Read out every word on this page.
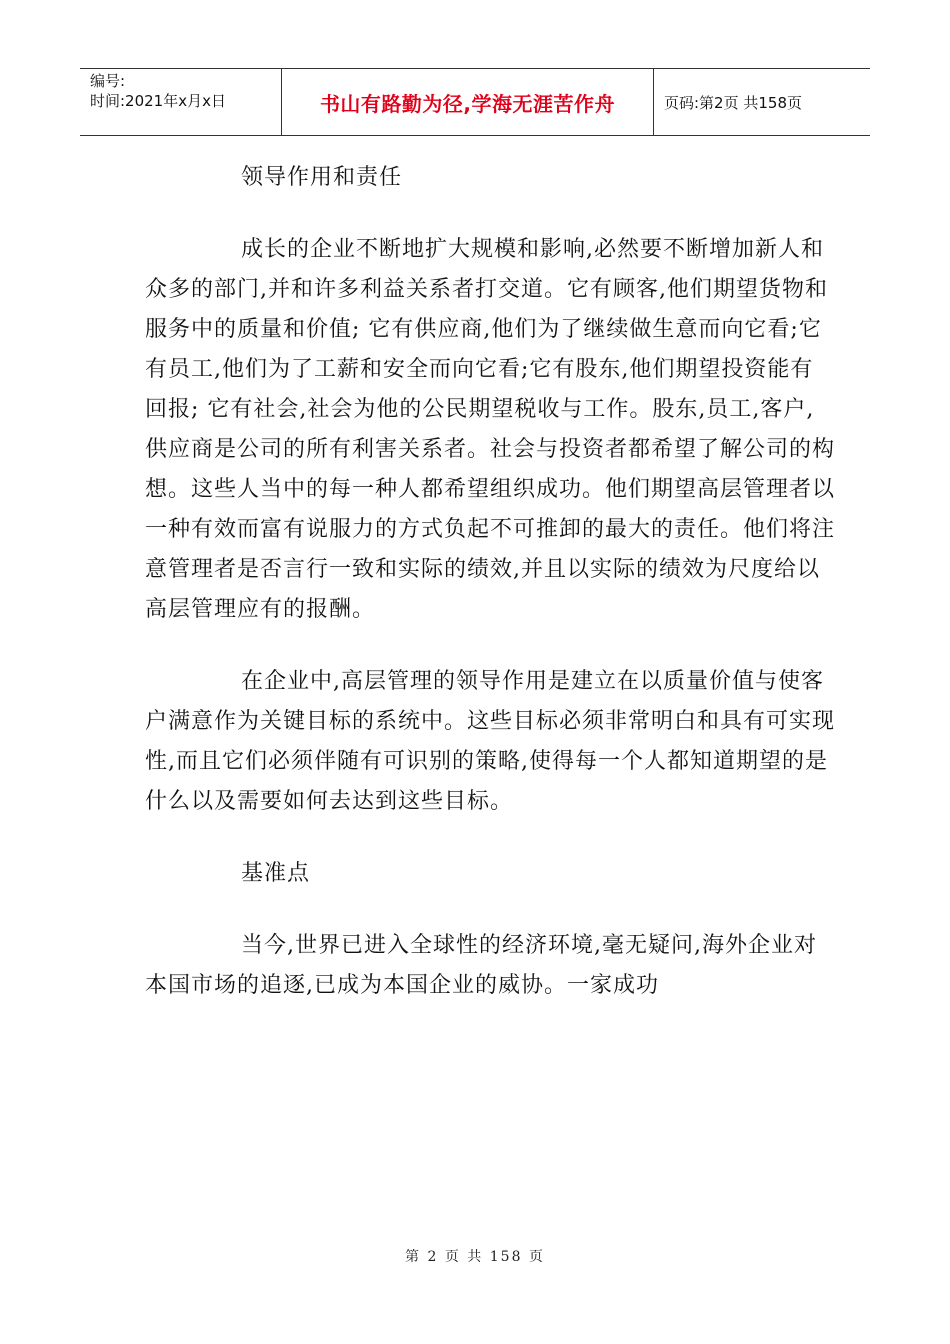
编号:
时间:2021年x月x日	书山有路勤为径,学海无涯苦作舟	页码:第2页 共158页

领导作用和责任

成长的企业不断地扩大规模和影响,必然要不断增加新人和众多的部门,并和许多利益关系者打交道。它有顾客,他们期望货物和服务中的质量和价值; 它有供应商,他们为了继续做生意而向它看;它有员工,他们为了工薪和安全而向它看;它有股东,他们期望投资能有回报; 它有社会,社会为他的公民期望税收与工作。股东,员工,客户,供应商是公司的所有利害关系者。社会与投资者都希望了解公司的构想。这些人当中的每一种人都希望组织成功。他们期望高层管理者以一种有效而富有说服力的方式负起不可推卸的最大的责任。他们将注意管理者是否言行一致和实际的绩效,并且以实际的绩效为尺度给以高层管理应有的报酬。

在企业中,高层管理的领导作用是建立在以质量价值与使客户满意作为关键目标的系统中。这些目标必须非常明白和具有可实现性,而且它们必须伴随有可识别的策略,使得每一个人都知道期望的是什么以及需要如何去达到这些目标。

基准点

当今,世界已进入全球性的经济环境,毫无疑问,海外企业对本国市场的追逐,已成为本国企业的威协。一家成功

第 2 页 共 158 页
